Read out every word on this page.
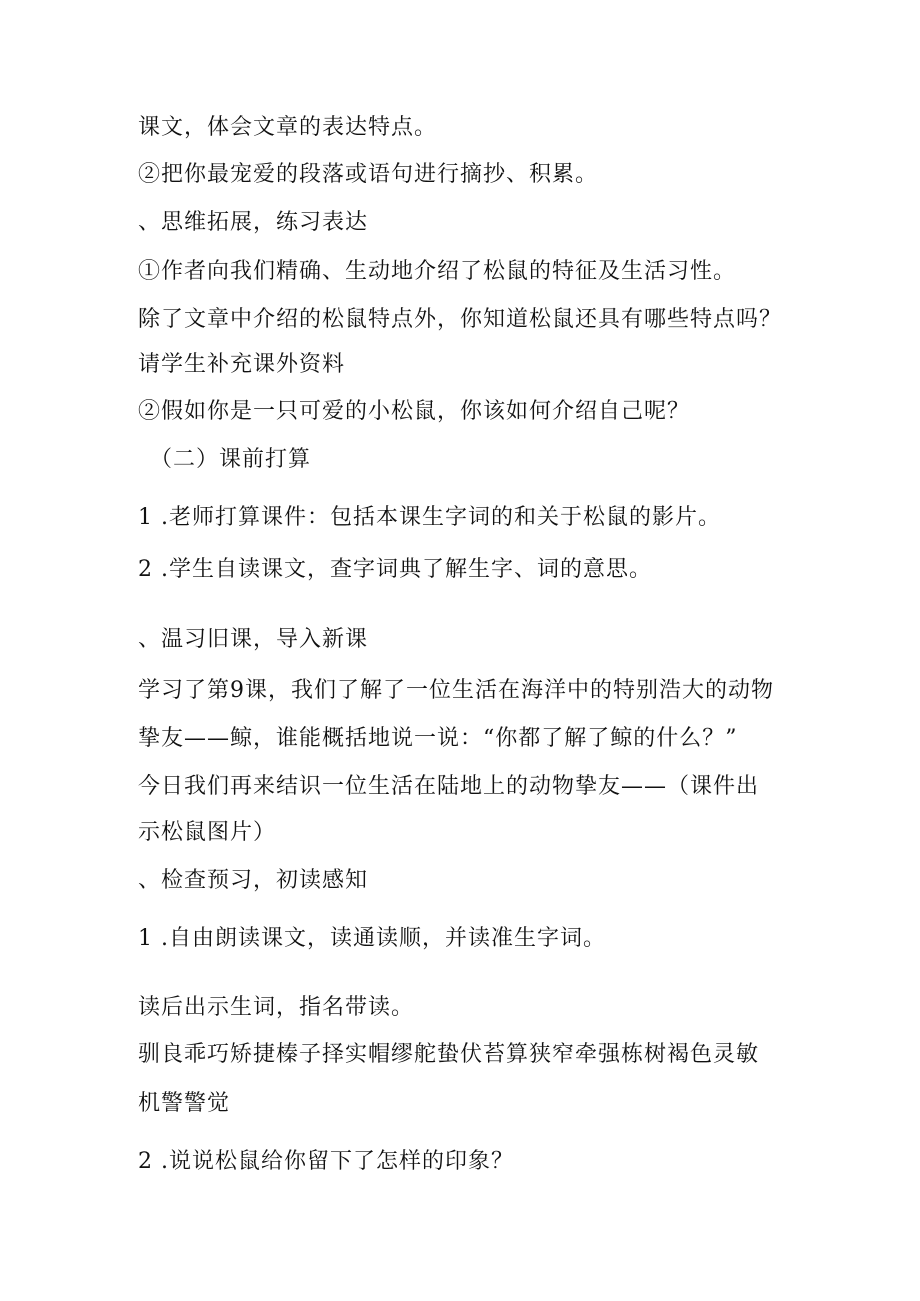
课文，体会文章的表达特点。
②把你最宠爱的段落或语句进行摘抄、积累。
、思维拓展，练习表达
①作者向我们精确、生动地介绍了松鼠的特征及生活习性。
除了文章中介绍的松鼠特点外，你知道松鼠还具有哪些特点吗？
请学生补充课外资料
②假如你是一只可爱的小松鼠，你该如何介绍自己呢？
（二）课前打算
1 .老师打算课件：包括本课生字词的和关于松鼠的影片。
2 .学生自读课文，查字词典了解生字、词的意思。
、温习旧课，导入新课
学习了第9课，我们了解了一位生活在海洋中的特别浩大的动物
挚友——鲸，谁能概括地说一说：“你都了解了鲸的什么？”
今日我们再来结识一位生活在陆地上的动物挚友——（课件出
示松鼠图片）
、检查预习，初读感知
1 .自由朗读课文，读通读顺，并读准生字词。
读后出示生词，指名带读。
驯良乖巧矫捷榛子择实帽缪舵蛰伏苔算狭窄牵强栋树褐色灵敏
机警警觉
2 .说说松鼠给你留下了怎样的印象？
